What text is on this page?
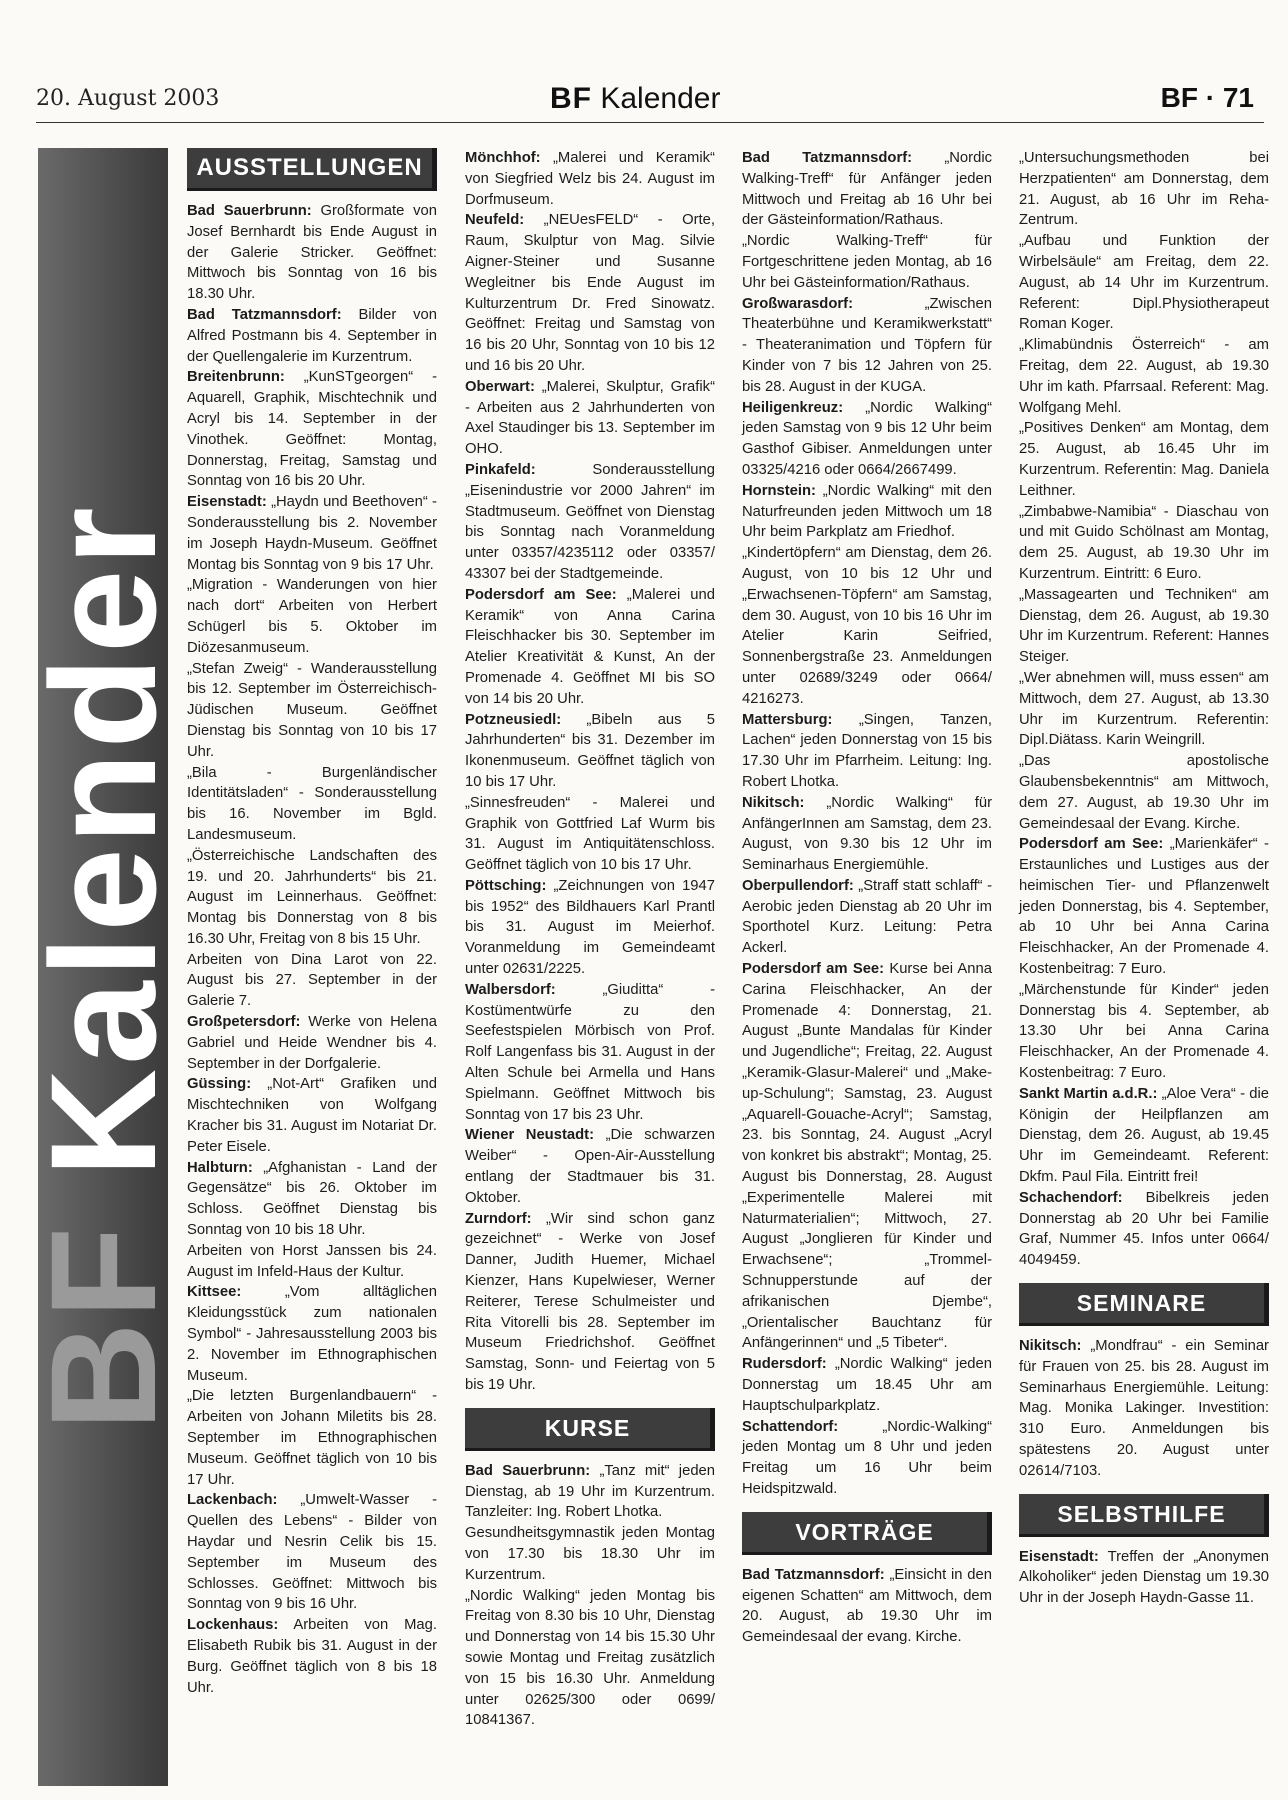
20. August 2003	BF Kalender	BF · 71
BF Kalender
AUSSTELLUNGEN

Bad Sauerbrunn: Großformate von Josef Bernhardt bis Ende August in der Galerie Stricker. Geöffnet: Mittwoch bis Sonntag von 16 bis 18.30 Uhr.

Bad Tatzmannsdorf: Bilder von Alfred Postmann bis 4. September in der Quellengalerie im Kurzentrum.

Breitenbrunn: „KunSTgeorgen“ - Aquarell, Graphik, Mischtechnik und Acryl bis 14. September in der Vinothek. Geöffnet: Montag, Donnerstag, Freitag, Samstag und Sonntag von 16 bis 20 Uhr.

Eisenstadt: „Haydn und Beethoven“ - Sonderausstellung bis 2. November im Joseph Haydn-Museum. Geöffnet Montag bis Sonntag von 9 bis 17 Uhr.

„Migration - Wanderungen von hier nach dort“ Arbeiten von Herbert Schügerl bis 5. Oktober im Diözesanmuseum.

„Stefan Zweig“ - Wanderausstellung bis 12. September im Österreichisch-Jüdischen Museum. Geöffnet Dienstag bis Sonntag von 10 bis 17 Uhr.

„Bila - Burgenländischer Identitätsladen“ - Sonderausstellung bis 16. November im Bgld. Landesmuseum.

„Österreichische Landschaften des 19. und 20. Jahrhunderts“ bis 21. August im Leinnerhaus. Geöffnet: Montag bis Donnerstag von 8 bis 16.30 Uhr, Freitag von 8 bis 15 Uhr.

Arbeiten von Dina Larot von 22. August bis 27. September in der Galerie 7.

Großpetersdorf: Werke von Helena Gabriel und Heide Wendner bis 4. September in der Dorfgalerie.

Güssing: „Not-Art“ Grafiken und Mischtechniken von Wolfgang Kracher bis 31. August im Notariat Dr. Peter Eisele.

Halbturn: „Afghanistan - Land der Gegensätze“ bis 26. Oktober im Schloss. Geöffnet Dienstag bis Sonntag von 10 bis 18 Uhr.

Arbeiten von Horst Janssen bis 24. August im Infeld-Haus der Kultur.

Kittsee: „Vom alltäglichen Kleidungsstück zum nationalen Symbol“ - Jahresausstellung 2003 bis 2. November im Ethnographischen Museum.

„Die letzten Burgenlandbauern“ - Arbeiten von Johann Miletits bis 28. September im Ethnographischen Museum. Geöffnet täglich von 10 bis 17 Uhr.

Lackenbach: „Umwelt-Wasser - Quellen des Lebens“ - Bilder von Haydar und Nesrin Celik bis 15. September im Museum des Schlosses. Geöffnet: Mittwoch bis Sonntag von 9 bis 16 Uhr.

Lockenhaus: Arbeiten von Mag. Elisabeth Rubik bis 31. August in der Burg. Geöffnet täglich von 8 bis 18 Uhr.

Mönchhof: „Malerei und Keramik“ von Siegfried Welz bis 24. August im Dorfmuseum.

Neufeld: „NEUesFELD“ - Orte, Raum, Skulptur von Mag. Silvie Aigner-Steiner und Susanne Wegleitner bis Ende August im Kulturzentrum Dr. Fred Sinowatz. Geöffnet: Freitag und Samstag von 16 bis 20 Uhr, Sonntag von 10 bis 12 und 16 bis 20 Uhr.

Oberwart: „Malerei, Skulptur, Grafik“ - Arbeiten aus 2 Jahrhunderten von Axel Staudinger bis 13. September im OHO.

Pinkafeld: Sonderausstellung „Eisenindustrie vor 2000 Jahren“ im Stadtmuseum. Geöffnet von Dienstag bis Sonntag nach Voranmeldung unter 03357/4235112 oder 03357/ 43307 bei der Stadtgemeinde.

Podersdorf am See: „Malerei und Keramik“ von Anna Carina Fleischhacker bis 30. September im Atelier Kreativität & Kunst, An der Promenade 4. Geöffnet MI bis SO von 14 bis 20 Uhr.

Potzneusiedl: „Bibeln aus 5 Jahrhunderten“ bis 31. Dezember im Ikonenmuseum. Geöffnet täglich von 10 bis 17 Uhr.

„Sinnesfreuden“ - Malerei und Graphik von Gottfried Laf Wurm bis 31. August im Antiquitätenschloss. Geöffnet täglich von 10 bis 17 Uhr.

Pöttsching: „Zeichnungen von 1947 bis 1952“ des Bildhauers Karl Prantl bis 31. August im Meierhof. Voranmeldung im Gemeindeamt unter 02631/2225.

Walbersdorf: „Giuditta“ - Kostümentwürfe zu den Seefestspielen Mörbisch von Prof. Rolf Langenfass bis 31. August in der Alten Schule bei Armella und Hans Spielmann. Geöffnet Mittwoch bis Sonntag von 17 bis 23 Uhr.

Wiener Neustadt: „Die schwarzen Weiber“ - Open-Air-Ausstellung entlang der Stadtmauer bis 31. Oktober.

Zurndorf: „Wir sind schon ganz gezeichnet“ - Werke von Josef Danner, Judith Huemer, Michael Kienzer, Hans Kupelwieser, Werner Reiterer, Terese Schulmeister und Rita Vitorelli bis 28. September im Museum Friedrichshof. Geöffnet Samstag, Sonn- und Feiertag von 5 bis 19 Uhr.

KURSE

Bad Sauerbrunn: „Tanz mit“ jeden Dienstag, ab 19 Uhr im Kurzentrum. Tanzleiter: Ing. Robert Lhotka.

Gesundheitsgymnastik jeden Montag von 17.30 bis 18.30 Uhr im Kurzentrum.

„Nordic Walking“ jeden Montag bis Freitag von 8.30 bis 10 Uhr, Dienstag und Donnerstag von 14 bis 15.30 Uhr sowie Montag und Freitag zusätzlich von 15 bis 16.30 Uhr. Anmeldung unter 02625/300 oder 0699/ 10841367.

Bad Tatzmannsdorf: „Nordic Walking-Treff“ für Anfänger jeden Mittwoch und Freitag ab 16 Uhr bei der Gästeinformation/Rathaus.

„Nordic Walking-Treff“ für Fortgeschrittene jeden Montag, ab 16 Uhr bei Gästeinformation/Rathaus.

Großwarasdorf: „Zwischen Theaterbühne und Keramikwerkstatt“ - Theateranimation und Töpfern für Kinder von 7 bis 12 Jahren von 25. bis 28. August in der KUGA.

Heiligenkreuz: „Nordic Walking“ jeden Samstag von 9 bis 12 Uhr beim Gasthof Gibiser. Anmeldungen unter 03325/4216 oder 0664/2667499.

Hornstein: „Nordic Walking“ mit den Naturfreunden jeden Mittwoch um 18 Uhr beim Parkplatz am Friedhof.

„Kindertöpfern“ am Dienstag, dem 26. August, von 10 bis 12 Uhr und „Erwachsenen-Töpfern“ am Samstag, dem 30. August, von 10 bis 16 Uhr im Atelier Karin Seifried, Sonnenbergstraße 23. Anmeldungen unter 02689/3249 oder 0664/ 4216273.

Mattersburg: „Singen, Tanzen, Lachen“ jeden Donnerstag von 15 bis 17.30 Uhr im Pfarrheim. Leitung: Ing. Robert Lhotka.

Nikitsch: „Nordic Walking“ für AnfängerInnen am Samstag, dem 23. August, von 9.30 bis 12 Uhr im Seminarhaus Energiemühle.

Oberpullendorf: „Straff statt schlaff“ - Aerobic jeden Dienstag ab 20 Uhr im Sporthotel Kurz. Leitung: Petra Ackerl.

Podersdorf am See: Kurse bei Anna Carina Fleischhacker, An der Promenade 4: Donnerstag, 21. August „Bunte Mandalas für Kinder und Jugendliche“; Freitag, 22. August „Keramik-Glasur-Malerei“ und „Make-up-Schulung“; Samstag, 23. August „Aquarell-Gouache-Acryl“; Samstag, 23. bis Sonntag, 24. August „Acryl von konkret bis abstrakt“; Montag, 25. August bis Donnerstag, 28. August „Experimentelle Malerei mit Naturmaterialien“; Mittwoch, 27. August „Jonglieren für Kinder und Erwachsene“; „Trommel-Schnupperstunde auf der afrikanischen Djembe“, „Orientalischer Bauchtanz für Anfängerinnen“ und „5 Tibeter“.

Rudersdorf: „Nordic Walking“ jeden Donnerstag um 18.45 Uhr am Hauptschulparkplatz.

Schattendorf: „Nordic-Walking“ jeden Montag um 8 Uhr und jeden Freitag um 16 Uhr beim Heidspitzwald.

VORTRÄGE

Bad Tatzmannsdorf: „Einsicht in den eigenen Schatten“ am Mittwoch, dem 20. August, ab 19.30 Uhr im Gemeindesaal der evang. Kirche.

„Untersuchungsmethoden bei Herzpatienten“ am Donnerstag, dem 21. August, ab 16 Uhr im Reha-Zentrum.

„Aufbau und Funktion der Wirbelsäule“ am Freitag, dem 22. August, ab 14 Uhr im Kurzentrum. Referent: Dipl.Physiotherapeut Roman Koger.

„Klimabündnis Österreich“ - am Freitag, dem 22. August, ab 19.30 Uhr im kath. Pfarrsaal. Referent: Mag. Wolfgang Mehl.

„Positives Denken“ am Montag, dem 25. August, ab 16.45 Uhr im Kurzentrum. Referentin: Mag. Daniela Leithner.

„Zimbabwe-Namibia“ - Diaschau von und mit Guido Schölnast am Montag, dem 25. August, ab 19.30 Uhr im Kurzentrum. Eintritt: 6 Euro.

„Massagearten und Techniken“ am Dienstag, dem 26. August, ab 19.30 Uhr im Kurzentrum. Referent: Hannes Steiger.

„Wer abnehmen will, muss essen“ am Mittwoch, dem 27. August, ab 13.30 Uhr im Kurzentrum. Referentin: Dipl.Diätass. Karin Weingrill.

„Das apostolische Glaubensbekenntnis“ am Mittwoch, dem 27. August, ab 19.30 Uhr im Gemeindesaal der Evang. Kirche.

Podersdorf am See: „Marienkäfer“ - Erstaunliches und Lustiges aus der heimischen Tier- und Pflanzenwelt jeden Donnerstag, bis 4. September, ab 10 Uhr bei Anna Carina Fleischhacker, An der Promenade 4. Kostenbeitrag: 7 Euro.

„Märchenstunde für Kinder“ jeden Donnerstag bis 4. September, ab 13.30 Uhr bei Anna Carina Fleischhacker, An der Promenade 4. Kostenbeitrag: 7 Euro.

Sankt Martin a.d.R.: „Aloe Vera“ - die Königin der Heilpflanzen am Dienstag, dem 26. August, ab 19.45 Uhr im Gemeindeamt. Referent: Dkfm. Paul Fila. Eintritt frei!

Schachendorf: Bibelkreis jeden Donnerstag ab 20 Uhr bei Familie Graf, Nummer 45. Infos unter 0664/ 4049459.

SEMINARE

Nikitsch: „Mondfrau“ - ein Seminar für Frauen von 25. bis 28. August im Seminarhaus Energiemühle. Leitung: Mag. Monika Lakinger. Investition: 310 Euro. Anmeldungen bis spätestens 20. August unter 02614/7103.

SELBSTHILFE

Eisenstadt: Treffen der „Anonymen Alkoholiker“ jeden Dienstag um 19.30 Uhr in der Joseph Haydn-Gasse 11.
